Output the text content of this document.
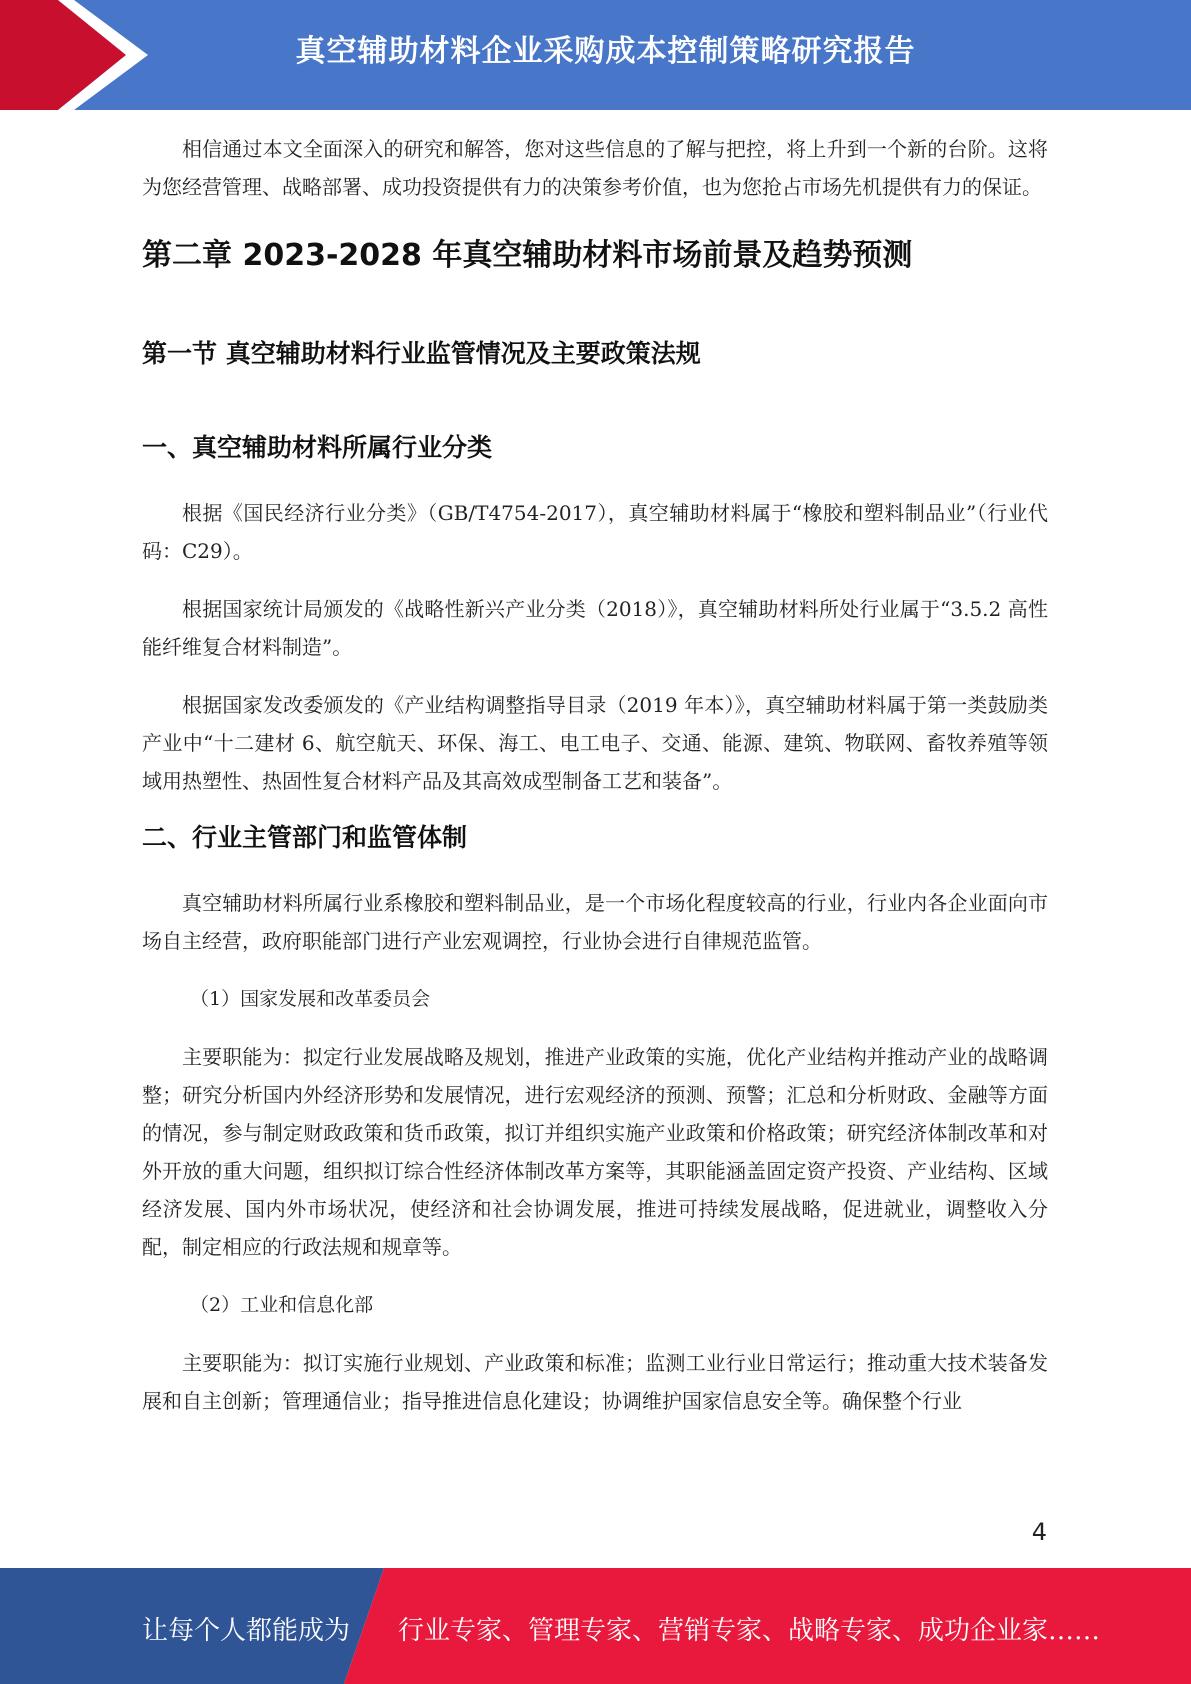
真空辅助材料企业采购成本控制策略研究报告

相信通过本文全面深入的研究和解答，您对这些信息的了解与把控，将上升到一个新的台阶。这将为您经营管理、战略部署、成功投资提供有力的决策参考价值，也为您抢占市场先机提供有力的保证。

第二章 2023-2028 年真空辅助材料市场前景及趋势预测
第一节 真空辅助材料行业监管情况及主要政策法规
一、真空辅助材料所属行业分类

根据《国民经济行业分类》（GB/T4754-2017），真空辅助材料属于“橡胶和塑料制品业”（行业代码：C29）。

根据国家统计局颁发的《战略性新兴产业分类（2018）》，真空辅助材料所处行业属于“3.5.2 高性能纤维复合材料制造”。

根据国家发改委颁发的《产业结构调整指导目录（2019 年本）》，真空辅助材料属于第一类鼓励类产业中“十二建材 6、航空航天、环保、海工、电工电子、交通、能源、建筑、物联网、畜牧养殖等领域用热塑性、热固性复合材料产品及其高效成型制备工艺和装备”。

二、行业主管部门和监管体制

真空辅助材料所属行业系橡胶和塑料制品业，是一个市场化程度较高的行业，行业内各企业面向市场自主经营，政府职能部门进行产业宏观调控，行业协会进行自律规范监管。

（1）国家发展和改革委员会

主要职能为：拟定行业发展战略及规划，推进产业政策的实施，优化产业结构并推动产业的战略调整；研究分析国内外经济形势和发展情况，进行宏观经济的预测、预警；汇总和分析财政、金融等方面的情况，参与制定财政政策和货币政策，拟订并组织实施产业政策和价格政策；研究经济体制改革和对外开放的重大问题，组织拟订综合性经济体制改革方案等，其职能涵盖固定资产投资、产业结构、区域经济发展、国内外市场状况，使经济和社会协调发展，推进可持续发展战略，促进就业，调整收入分配，制定相应的行政法规和规章等。

（2）工业和信息化部

主要职能为：拟订实施行业规划、产业政策和标准；监测工业行业日常运行；推动重大技术装备发展和自主创新；管理通信业；指导推进信息化建设；协调维护国家信息安全等。确保整个行业

4
让每个人都能成为 行业专家、管理专家、营销专家、战略专家、成功企业家……
